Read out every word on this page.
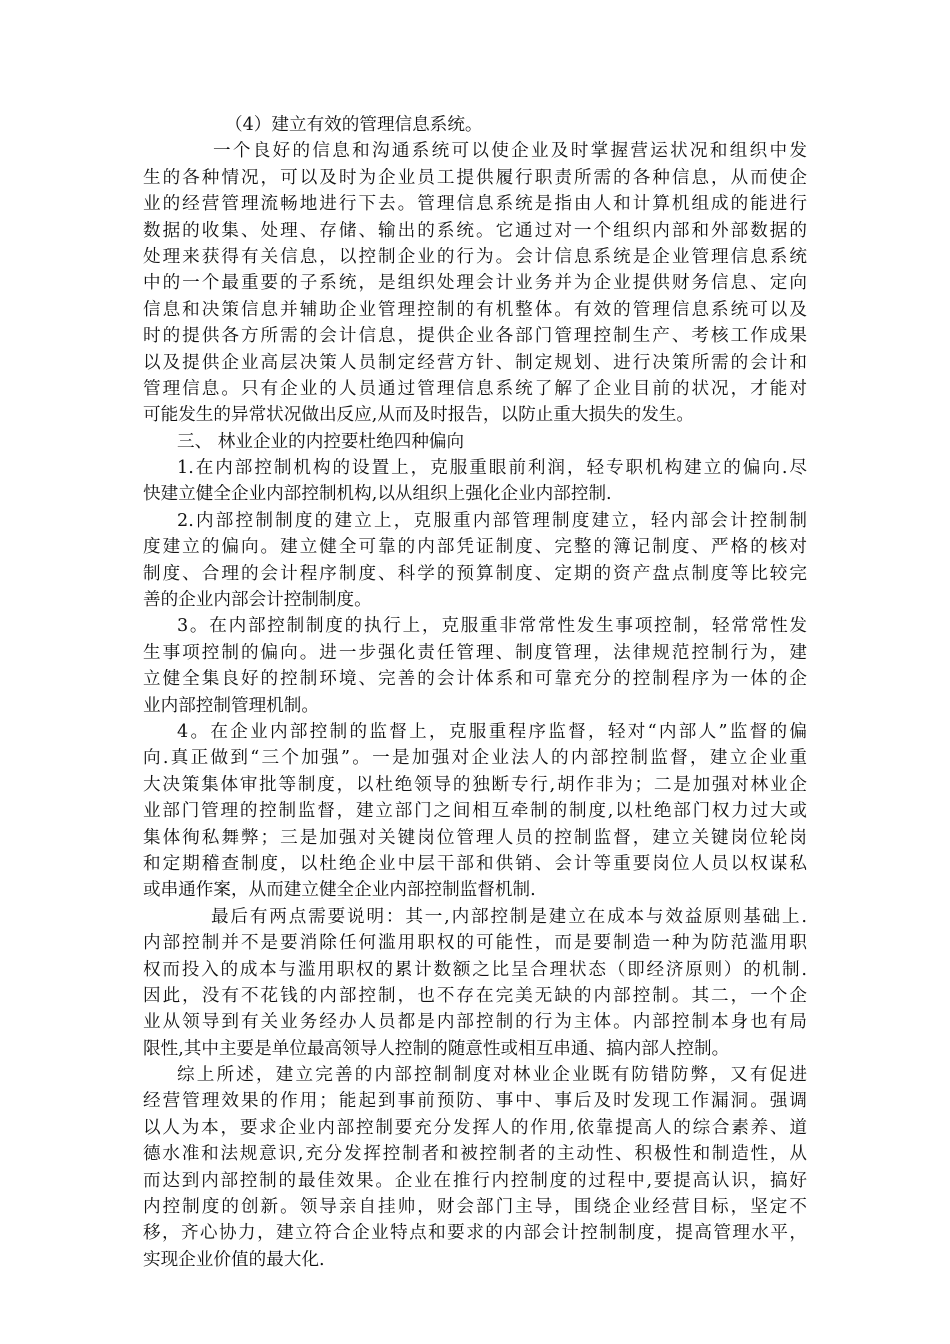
（4）建立有效的管理信息系统。
一个良好的信息和沟通系统可以使企业及时掌握营运状况和组织中发
生的各种情况，可以及时为企业员工提供履行职责所需的各种信息，从而使企
业的经营管理流畅地进行下去。管理信息系统是指由人和计算机组成的能进行
数据的收集、处理、存储、输出的系统。它通过对一个组织内部和外部数据的
处理来获得有关信息，以控制企业的行为。会计信息系统是企业管理信息系统
中的一个最重要的子系统，是组织处理会计业务并为企业提供财务信息、定向
信息和决策信息并辅助企业管理控制的有机整体。有效的管理信息系统可以及
时的提供各方所需的会计信息，提供企业各部门管理控制生产、考核工作成果
以及提供企业高层决策人员制定经营方针、制定规划、进行决策所需的会计和
管理信息。只有企业的人员通过管理信息系统了解了企业目前的状况，才能对
可能发生的异常状况做出反应,从而及时报告，以防止重大损失的发生。
三、 林业企业的内控要杜绝四种偏向
1.在内部控制机构的设置上，克服重眼前利润，轻专职机构建立的偏向.尽
快建立健全企业内部控制机构,以从组织上强化企业内部控制.
2.内部控制制度的建立上，克服重内部管理制度建立，轻内部会计控制制
度建立的偏向。建立健全可靠的内部凭证制度、完整的簿记制度、严格的核对
制度、合理的会计程序制度、科学的预算制度、定期的资产盘点制度等比较完
善的企业内部会计控制制度。
3。在内部控制制度的执行上，克服重非常常性发生事项控制，轻常常性发
生事项控制的偏向。进一步强化责任管理、制度管理，法律规范控制行为，建
立健全集良好的控制环境、完善的会计体系和可靠充分的控制程序为一体的企
业内部控制管理机制。
4。在企业内部控制的监督上，克服重程序监督，轻对“内部人”监督的偏
向.真正做到“三个加强”。一是加强对企业法人的内部控制监督，建立企业重
大决策集体审批等制度，以杜绝领导的独断专行,胡作非为；二是加强对林业企
业部门管理的控制监督，建立部门之间相互牵制的制度,以杜绝部门权力过大或
集体徇私舞弊；三是加强对关键岗位管理人员的控制监督，建立关键岗位轮岗
和定期稽查制度，以杜绝企业中层干部和供销、会计等重要岗位人员以权谋私
或串通作案，从而建立健全企业内部控制监督机制.
最后有两点需要说明：其一,内部控制是建立在成本与效益原则基础上.
内部控制并不是要消除任何滥用职权的可能性，而是要制造一种为防范滥用职
权而投入的成本与滥用职权的累计数额之比呈合理状态（即经济原则）的机制.
因此，没有不花钱的内部控制，也不存在完美无缺的内部控制。其二，一个企
业从领导到有关业务经办人员都是内部控制的行为主体。内部控制本身也有局
限性,其中主要是单位最高领导人控制的随意性或相互串通、搞内部人控制。
综上所述，建立完善的内部控制制度对林业企业既有防错防弊，又有促进
经营管理效果的作用；能起到事前预防、事中、事后及时发现工作漏洞。强调
以人为本，要求企业内部控制要充分发挥人的作用,依靠提高人的综合素养、道
德水准和法规意识,充分发挥控制者和被控制者的主动性、积极性和制造性，从
而达到内部控制的最佳效果。企业在推行内控制度的过程中,要提高认识，搞好
内控制度的创新。领导亲自挂帅，财会部门主导，围绕企业经营目标，坚定不
移，齐心协力，建立符合企业特点和要求的内部会计控制制度，提高管理水平，
实现企业价值的最大化.
